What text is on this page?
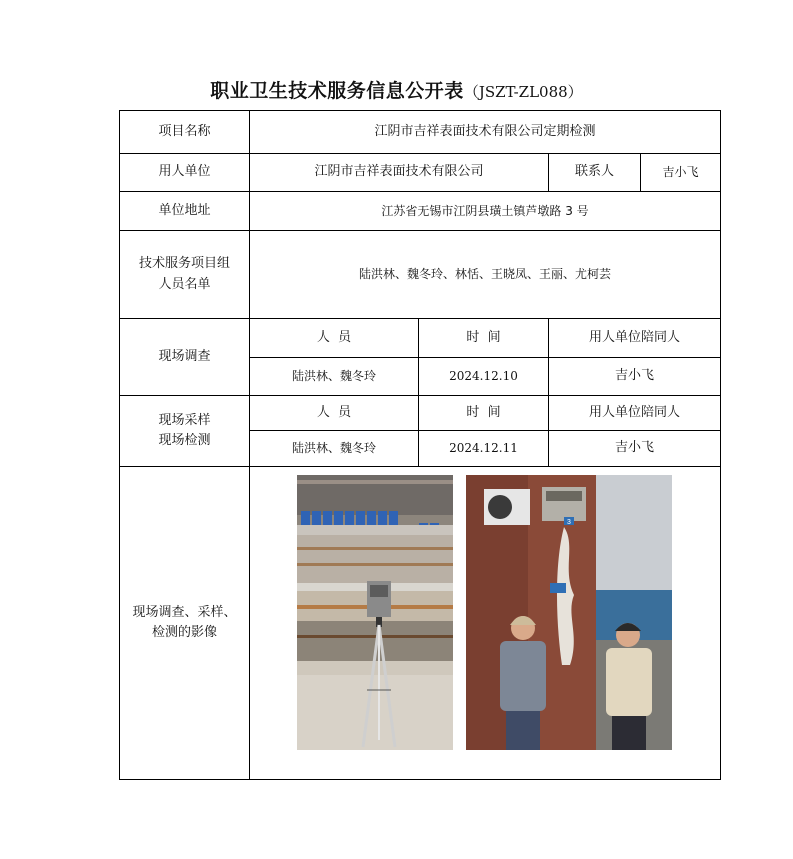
职业卫生技术服务信息公开表（JSZT-ZL088）
项目名称	江阴市吉祥表面技术有限公司定期检测			
用人单位	江阴市吉祥表面技术有限公司		联系人	吉小飞
单位地址	江苏省无锡市江阴县璜土镇芦墩路 3 号			

技术服务项目组
人员名单	陆洪林、魏冬玲、林恬、王晓凤、王丽、尤柯芸			
现场调查	人  员	时  间	用人单位陪同人	
	陆洪林、魏冬玲	2024.12.10	吉小飞	

现场采样
现场检测	人  员	时  间	用人单位陪同人	
	陆洪林、魏冬玲	2024.12.11	吉小飞	

现场调查、采样、
检测的影像	3			
